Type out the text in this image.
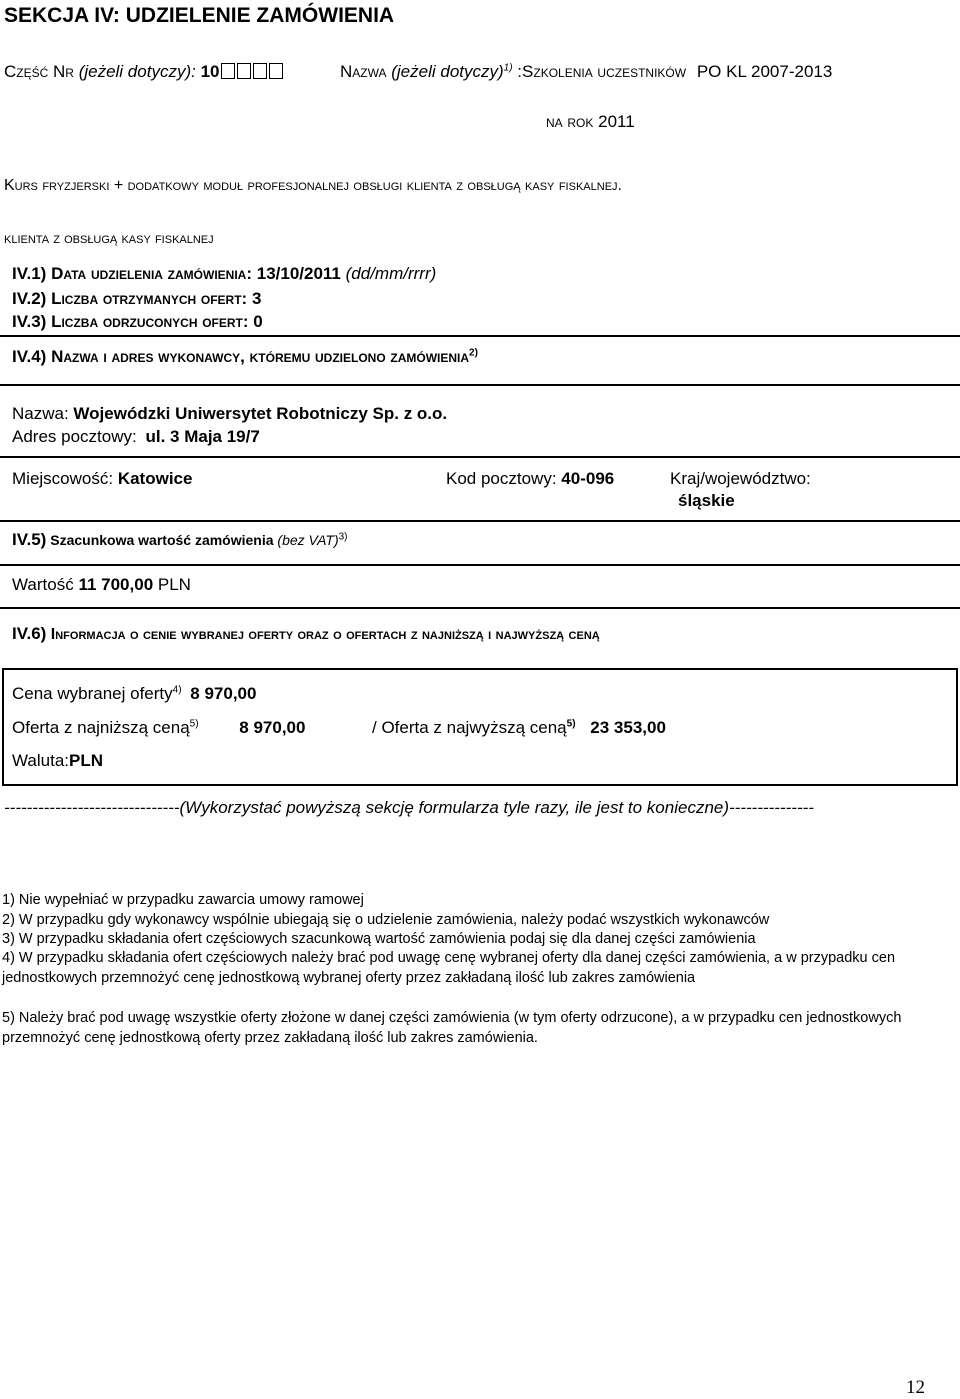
SEKCJA IV: UDZIELENIE ZAMÓWIENIA
Część Nr (jeżeli dotyczy): 10	Nazwa (jeżeli dotyczy)$^{1)}$ :Szkolenia uczestników PO KL 2007-2013
na rok 2011
Kurs fryzjerski + dodatkowy moduł profesjonalnej obsługi klienta z obsługą kasy fiskalnej.
klienta z obsługą kasy fiskalnej
IV.1) Data udzielenia zamówienia: 13/10/2011 (dd/mm/rrrr)
IV.2) Liczba otrzymanych ofert: 3
IV.3) Liczba odrzuconych ofert: 0
IV.4) Nazwa i adres wykonawcy, któremu udzielono zamówienia$^{2)}$
Nazwa: Wojewódzki Uniwersytet Robotniczy Sp. z o.o.
Adres pocztowy: ul. 3 Maja 19/7
Miejscowość: Katowice	Kod pocztowy: 40-096	Kraj/województwo:
śląskie
IV.5) Szacunkowa wartość zamówienia (bez VAT)$^{3)}$
Wartość 11 700,00 PLN
IV.6) Informacja o cenie wybranej oferty oraz o ofertach z najniższą i najwyższą ceną
Cena wybranej oferty$^{4)}$ 8 970,00
Oferta z najniższą ceną$^{5)}$ 8 970,00	/ Oferta z najwyższą ceną$^{5)}$ 23 353,00
Waluta:PLN
-------------------------------(Wykorzystać powyższą sekcję formularza tyle razy, ile jest to konieczne)---------------
1) Nie wypełniać w przypadku zawarcia umowy ramowej
2) W przypadku gdy wykonawcy wspólnie ubiegają się o udzielenie zamówienia, należy podać wszystkich wykonawców
3) W przypadku składania ofert częściowych szacunkową wartość zamówienia podaj się dla danej części zamówienia
4) W przypadku składania ofert częściowych należy brać pod uwagę cenę wybranej oferty dla danej części zamówienia, a w przypadku cen jednostkowych przemnożyć cenę jednostkową wybranej oferty przez zakładaną ilość lub zakres zamówienia
5) Należy brać pod uwagę wszystkie oferty złożone w danej części zamówienia (w tym oferty odrzucone), a w przypadku cen jednostkowych przemnożyć cenę jednostkową oferty przez zakładaną ilość lub zakres zamówienia.
12
